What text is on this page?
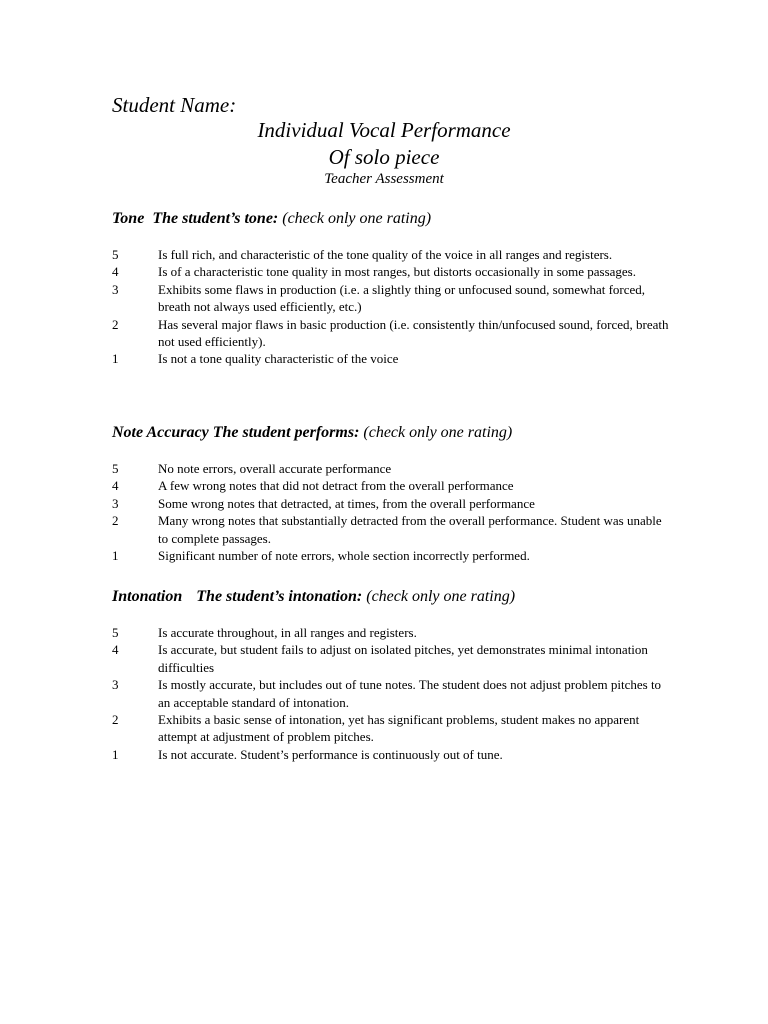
Student Name:
Individual Vocal Performance
Of solo piece
Teacher Assessment
Tone The student’s tone: (check only one rating)
5	Is full rich, and characteristic of the tone quality of the voice in all ranges and registers.
4	Is of a characteristic tone quality in most ranges, but distorts occasionally in some passages.
3	Exhibits some flaws in production (i.e. a slightly thing or unfocused sound, somewhat forced, breath not always used efficiently, etc.)
2	Has several major flaws in basic production (i.e. consistently thin/unfocused sound, forced, breath not used efficiently).
1	Is not a tone quality characteristic of the voice
Note Accuracy The student performs: (check only one rating)
5	No note errors, overall accurate performance
4	A few wrong notes that did not detract from the overall performance
3	Some wrong notes that detracted, at times, from the overall performance
2	Many wrong notes that substantially detracted from the overall performance. Student was unable to complete passages.
1	Significant number of note errors, whole section incorrectly performed.
Intonation The student’s intonation: (check only one rating)
5	Is accurate throughout, in all ranges and registers.
4	Is accurate, but student fails to adjust on isolated pitches, yet demonstrates minimal intonation difficulties
3	Is mostly accurate, but includes out of tune notes. The student does not adjust problem pitches to an acceptable standard of intonation.
2	Exhibits a basic sense of intonation, yet has significant problems, student makes no apparent attempt at adjustment of problem pitches.
1	Is not accurate. Student’s performance is continuously out of tune.
